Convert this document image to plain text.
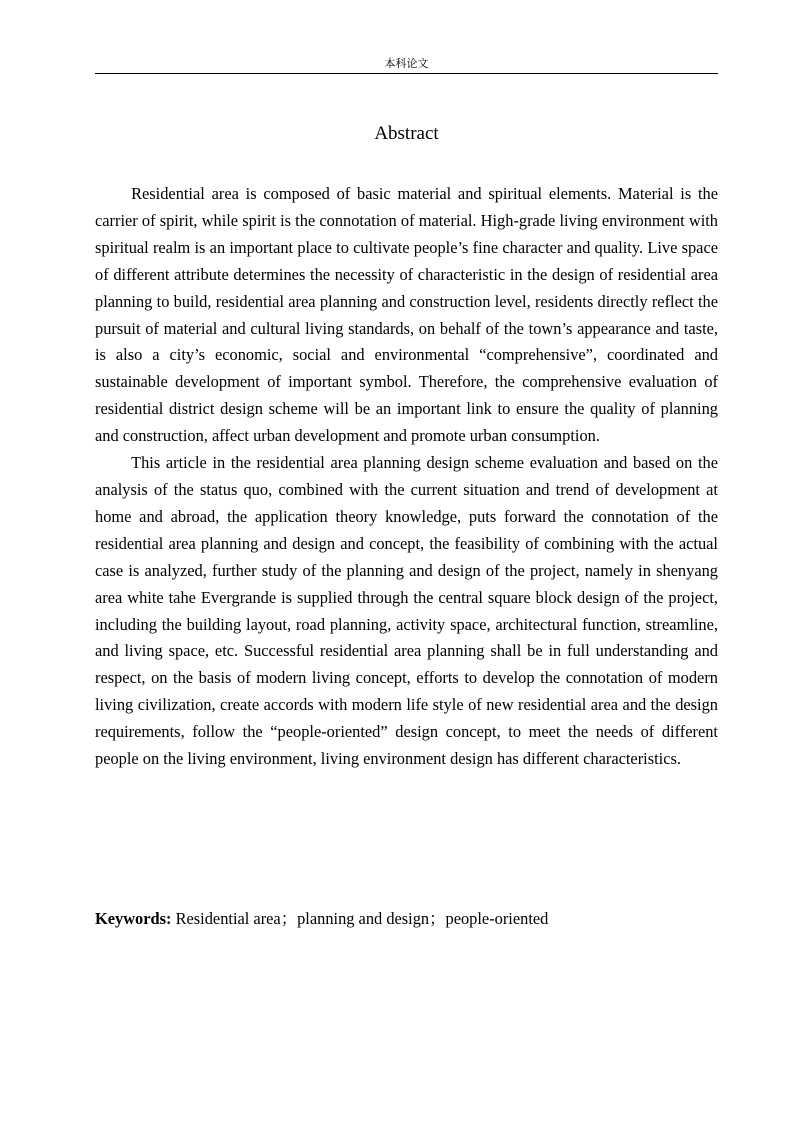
本科论文
Abstract

Residential area is composed of basic material and spiritual elements. Material is the carrier of spirit, while spirit is the connotation of material. High-grade living environment with spiritual realm is an important place to cultivate people’s fine character and quality. Live space of different attribute determines the necessity of characteristic in the design of residential area planning to build, residential area planning and construction level, residents directly reflect the pursuit of material and cultural living standards, on behalf of the town’s appearance and taste, is also a city’s economic, social and environmental “comprehensive”, coordinated and sustainable development of important symbol. Therefore, the comprehensive evaluation of residential district design scheme will be an important link to ensure the quality of planning and construction, affect urban development and promote urban consumption.

This article in the residential area planning design scheme evaluation and based on the analysis of the status quo, combined with the current situation and trend of development at home and abroad, the application theory knowledge, puts forward the connotation of the residential area planning and design and concept, the feasibility of combining with the actual case is analyzed, further study of the planning and design of the project, namely in shenyang area white tahe Evergrande is supplied through the central square block design of the project, including the building layout, road planning, activity space, architectural function, streamline, and living space, etc. Successful residential area planning shall be in full understanding and respect, on the basis of modern living concept, efforts to develop the connotation of modern living civilization, create accords with modern life style of new residential area and the design requirements, follow the “people-oriented” design concept, to meet the needs of different people on the living environment, living environment design has different characteristics.

Keywords: Residential area；planning and design；people-oriented
